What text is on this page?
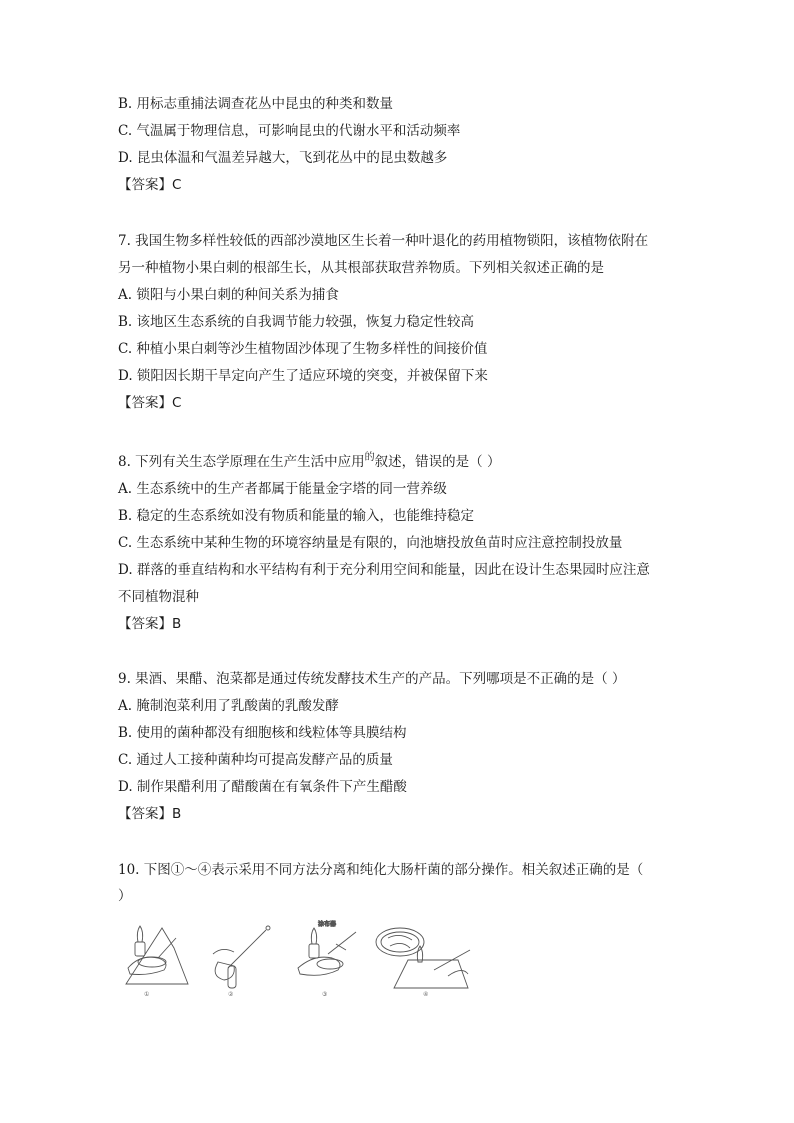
B. 用标志重捕法调查花丛中昆虫的种类和数量
C. 气温属于物理信息，可影响昆虫的代谢水平和活动频率
D. 昆虫体温和气温差异越大，飞到花丛中的昆虫数越多
【答案】C
7. 我国生物多样性较低的西部沙漠地区生长着一种叶退化的药用植物锁阳，该植物依附在
另一种植物小果白刺的根部生长，从其根部获取营养物质。下列相关叙述正确的是
A. 锁阳与小果白刺的种间关系为捕食
B. 该地区生态系统的自我调节能力较强，恢复力稳定性较高
C. 种植小果白刺等沙生植物固沙体现了生物多样性的间接价值
D. 锁阳因长期干旱定向产生了适应环境的突变，并被保留下来
【答案】C
8. 下列有关生态学原理在生产生活中应用$^的$叙述，错误的是（ ）
A. 生态系统中的生产者都属于能量金字塔的同一营养级
B. 稳定的生态系统如没有物质和能量的输入，也能维持稳定
C. 生态系统中某种生物的环境容纳量是有限的，向池塘投放鱼苗时应注意控制投放量
D. 群落的垂直结构和水平结构有利于充分利用空间和能量，因此在设计生态果园时应注意
不同植物混种
【答案】B
9. 果酒、果醋、泡菜都是通过传统发酵技术生产的产品。下列哪项是不正确的是（ ）
A. 腌制泡菜利用了乳酸菌的乳酸发酵
B. 使用的菌种都没有细胞核和线粒体等具膜结构
C. 通过人工接种菌种均可提高发酵产品的质量
D. 制作果醋利用了醋酸菌在有氧条件下产生醋酸
【答案】B
10. 下图①～④表示采用不同方法分离和纯化大肠杆菌的部分操作。相关叙述正确的是（
）
①	②
涂布器
③	④
